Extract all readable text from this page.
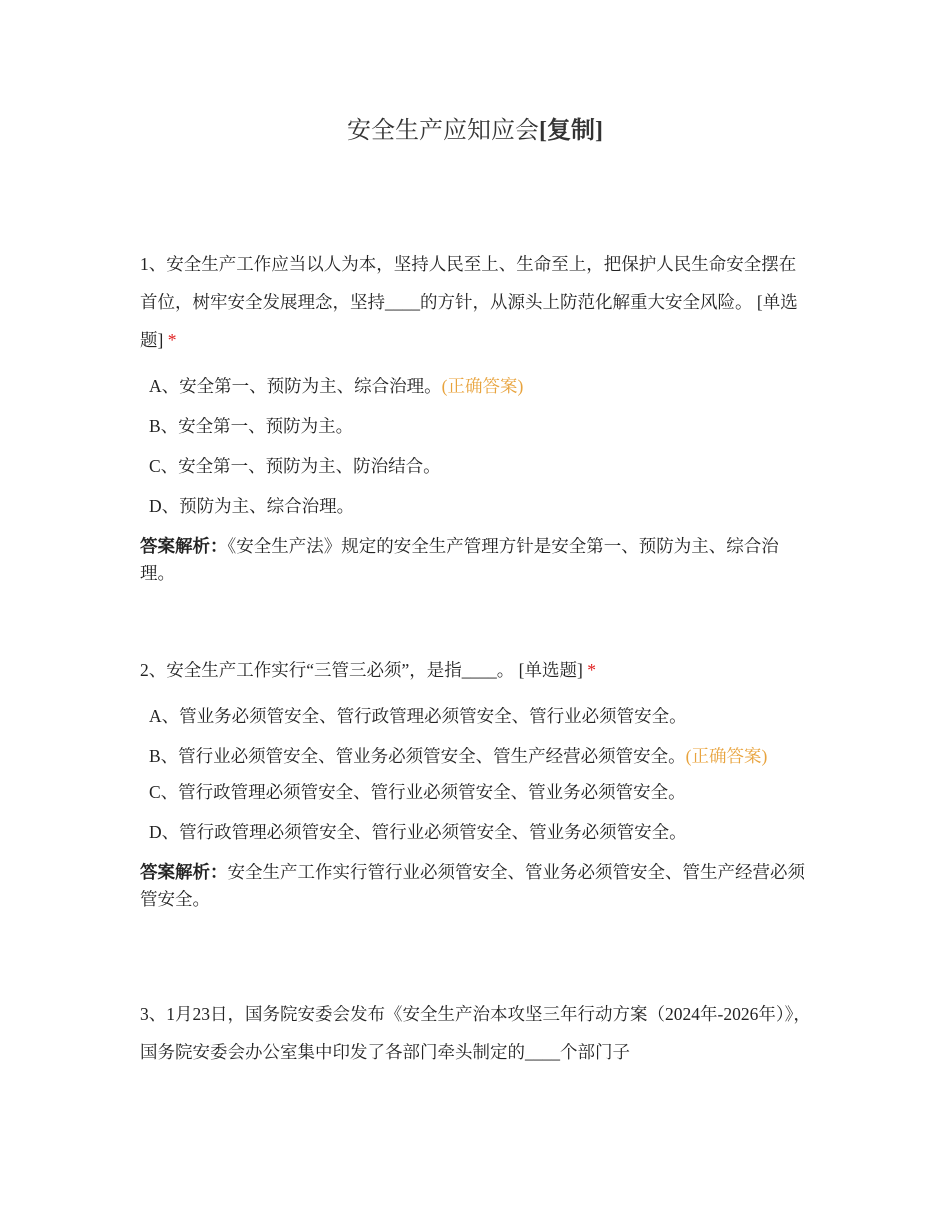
安全生产应知应会[复制]

1、安全生产工作应当以人为本，坚持人民至上、生命至上，把保护人民生命安全摆在首位，树牢安全发展理念，坚持____的方针，从源头上防范化解重大安全风险。 [单选题] *

A、安全第一、预防为主、综合治理。(正确答案)
B、安全第一、预防为主。
C、安全第一、预防为主、防治结合。
D、预防为主、综合治理。

答案解析：《安全生产法》规定的安全生产管理方针是安全第一、预防为主、综合治理。

2、安全生产工作实行“三管三必须”，是指____。 [单选题] *

A、管业务必须管安全、管行政管理必须管安全、管行业必须管安全。
B、管行业必须管安全、管业务必须管安全、管生产经营必须管安全。(正确答案)
C、管行政管理必须管安全、管行业必须管安全、管业务必须管安全。
D、管行政管理必须管安全、管行业必须管安全、管业务必须管安全。

答案解析：安全生产工作实行管行业必须管安全、管业务必须管安全、管生产经营必须管安全。

3、1月23日，国务院安委会发布《安全生产治本攻坚三年行动方案（2024年-2026年）》，国务院安委会办公室集中印发了各部门牵头制定的____个部门子
